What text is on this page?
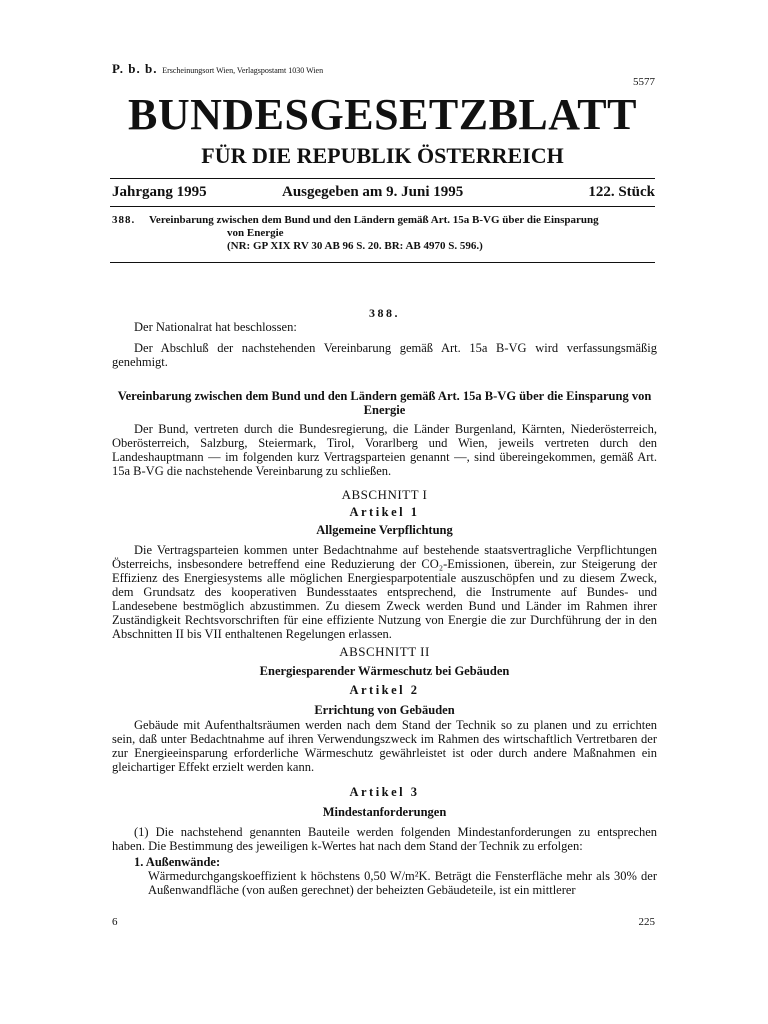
P. b. b. Erscheinungsort Wien, Verlagspostamt 1030 Wien
5577
BUNDESGESETZBLATT
FÜR DIE REPUBLIK ÖSTERREICH
Jahrgang 1995	Ausgegeben am 9. Juni 1995	122. Stück
388. Vereinbarung zwischen dem Bund und den Ländern gemäß Art. 15a B-VG über die Einsparung
von Energie
(NR: GP XIX RV 30 AB 96 S. 20. BR: AB 4970 S. 596.)
388.

Der Nationalrat hat beschlossen:

Der Abschluß der nachstehenden Vereinbarung gemäß Art. 15a B-VG wird verfassungsmäßig genehmigt.

Vereinbarung zwischen dem Bund und den Ländern gemäß Art. 15a B-VG über die Einsparung von Energie

Der Bund, vertreten durch die Bundesregierung, die Länder Burgenland, Kärnten, Niederösterreich, Oberösterreich, Salzburg, Steiermark, Tirol, Vorarlberg und Wien, jeweils vertreten durch den Landeshauptmann — im folgenden kurz Vertragsparteien genannt —, sind übereingekommen, gemäß Art. 15a B-VG die nachstehende Vereinbarung zu schließen.

ABSCHNITT I
Artikel 1
Allgemeine Verpflichtung

Die Vertragsparteien kommen unter Bedachtnahme auf bestehende staatsvertragliche Verpflichtungen Österreichs, insbesondere betreffend eine Reduzierung der CO₂-Emissionen, überein, zur Steigerung der Effizienz des Energiesystems alle möglichen Energiesparpotentiale auszuschöpfen und zu diesem Zweck, dem Grundsatz des kooperativen Bundesstaates entsprechend, die Instrumente auf Bundes- und Landesebene bestmöglich abzustimmen. Zu diesem Zweck werden Bund und Länder im Rahmen ihrer Zuständigkeit Rechtsvorschriften für eine effiziente Nutzung von Energie die zur Durchführung der in den Abschnitten II bis VII enthaltenen Regelungen erlassen.

ABSCHNITT II
Energiesparender Wärmeschutz bei Gebäuden
Artikel 2
Errichtung von Gebäuden

Gebäude mit Aufenthaltsräumen werden nach dem Stand der Technik so zu planen und zu errichten sein, daß unter Bedachtnahme auf ihren Verwendungszweck im Rahmen des wirtschaftlich Vertretbaren der zur Energieeinsparung erforderliche Wärmeschutz gewährleistet ist oder durch andere Maßnahmen ein gleichartiger Effekt erzielt werden kann.

Artikel 3
Mindestanforderungen

(1) Die nachstehend genannten Bauteile werden folgenden Mindestanforderungen zu entsprechen haben. Die Bestimmung des jeweiligen k-Wertes hat nach dem Stand der Technik zu erfolgen:

1. Außenwände:

Wärmedurchgangskoeffizient k höchstens 0,50 W/m²K. Beträgt die Fensterfläche mehr als 30% der Außenwandfläche (von außen gerechnet) der beheizten Gebäudeteile, ist ein mittlerer

6	225
